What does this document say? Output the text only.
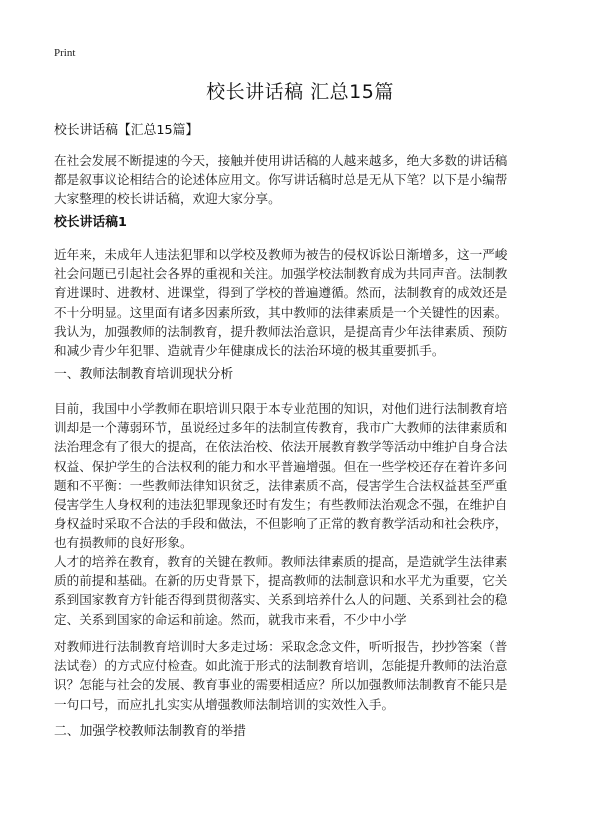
Print
校长讲话稿 汇总15篇
校长讲话稿【汇总15篇】
在社会发展不断提速的今天，接触并使用讲话稿的人越来越多，绝大多数的讲话稿
都是叙事议论相结合的论述体应用文。你写讲话稿时总是无从下笔？以下是小编帮
大家整理的校长讲话稿，欢迎大家分享。
校长讲话稿1
近年来，未成年人违法犯罪和以学校及教师为被告的侵权诉讼日渐增多，这一严峻
社会问题已引起社会各界的重视和关注。加强学校法制教育成为共同声音。法制教
育进课时、进教材、进课堂，得到了学校的普遍遵循。然而，法制教育的成效还是
不十分明显。这里面有诸多因素所致，其中教师的法律素质是一个关键性的因素。
我认为，加强教师的法制教育，提升教师法治意识，是提高青少年法律素质、预防
和减少青少年犯罪、造就青少年健康成长的法治环境的极其重要抓手。
一、教师法制教育培训现状分析
目前，我国中小学教师在职培训只限于本专业范围的知识，对他们进行法制教育培
训却是一个薄弱环节，虽说经过多年的法制宣传教育，我市广大教师的法律素质和
法治理念有了很大的提高，在依法治校、依法开展教育教学等活动中维护自身合法
权益、保护学生的合法权利的能力和水平普遍增强。但在一些学校还存在着许多问
题和不平衡：一些教师法律知识贫乏，法律素质不高，侵害学生合法权益甚至严重
侵害学生人身权利的违法犯罪现象还时有发生；有些教师法治观念不强，在维护自
身权益时采取不合法的手段和做法，不但影响了正常的教育教学活动和社会秩序，
也有损教师的良好形象。
人才的培养在教育，教育的关键在教师。教师法律素质的提高，是造就学生法律素
质的前提和基础。在新的历史背景下，提高教师的法制意识和水平尤为重要，它关
系到国家教育方针能否得到贯彻落实、关系到培养什么人的问题、关系到社会的稳
定、关系到国家的命运和前途。然而，就我市来看，不少中小学
对教师进行法制教育培训时大多走过场：采取念念文件，听听报告，抄抄答案（普
法试卷）的方式应付检查。如此流于形式的法制教育培训，怎能提升教师的法治意
识？怎能与社会的发展、教育事业的需要相适应？所以加强教师法制教育不能只是
一句口号，而应扎扎实实从增强教师法制培训的实效性入手。
二、加强学校教师法制教育的举措
